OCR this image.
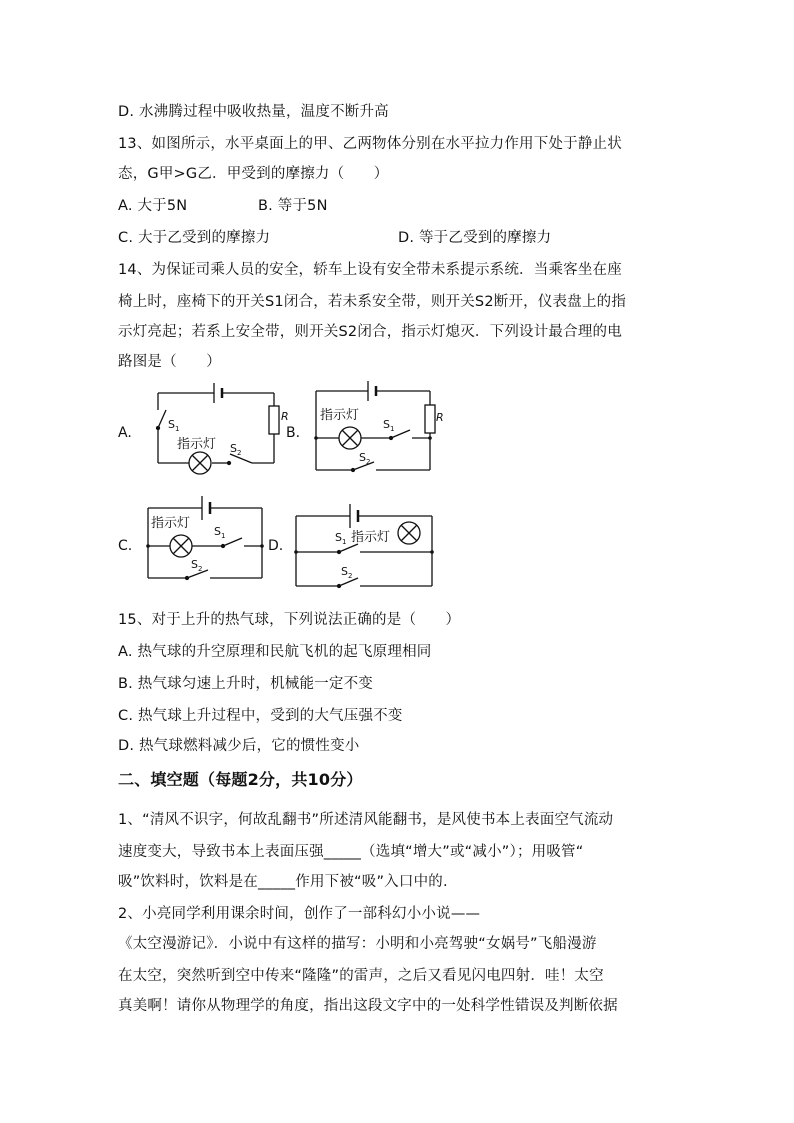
D. 水沸腾过程中吸收热量，温度不断升高
13、如图所示，水平桌面上的甲、乙两物体分别在水平拉力作用下处于静止状
态，G甲>G乙．甲受到的摩擦力（　　）
A. 大于5N	B. 等于5N
C. 大于乙受到的摩擦力	D. 等于乙受到的摩擦力
14、为保证司乘人员的安全，轿车上设有安全带未系提示系统．当乘客坐在座
椅上时，座椅下的开关S1闭合，若未系安全带，则开关S2断开，仪表盘上的指
示灯亮起；若系上安全带，则开关S2闭合，指示灯熄灭．下列设计最合理的电
路图是（　　）
A.
R
$S_1$
指示灯 $S_2$
B.
R
指示灯
$S_1$
$S_2$
C.
指示灯
$S_1$
$S_2$
D.
$S_1$ 指示灯
$S_2$
15、对于上升的热气球，下列说法正确的是（　　）
A. 热气球的升空原理和民航飞机的起飞原理相同
B. 热气球匀速上升时，机械能一定不变
C. 热气球上升过程中，受到的大气压强不变
D. 热气球燃料减少后，它的惯性变小
二、填空题（每题2分，共10分）
1、“清风不识字，何故乱翻书”所述清风能翻书，是风使书本上表面空气流动
速度变大，导致书本上表面压强_____（选填“增大”或“减小”）；用吸管“
吸”饮料时，饮料是在_____作用下被“吸”入口中的.
2、小亮同学利用课余时间，创作了一部科幻小小说——
《太空漫游记》．小说中有这样的描写：小明和小亮驾驶“女娲号”飞船漫游
在太空，突然听到空中传来“隆隆”的雷声，之后又看见闪电四射．哇！太空
真美啊！请你从物理学的角度，指出这段文字中的一处科学性错误及判断依据
